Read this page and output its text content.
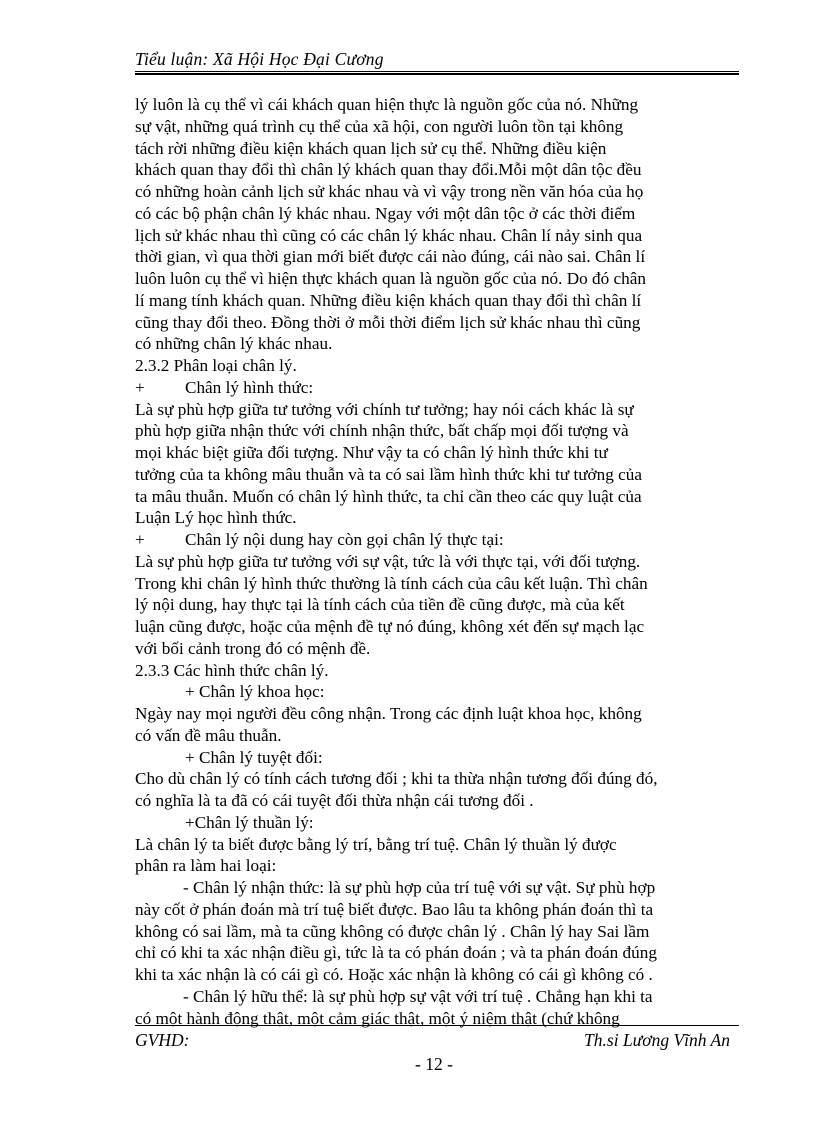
Tiểu luận: Xã Hội Học Đại Cương

lý luôn là cụ thể vì cái khách quan hiện thực là nguồn gốc của nó. Những

sự vật, những quá trình cụ thể của xã hội, con người luôn tồn tại không

tách rời những điều kiện khách quan lịch sử cụ thể. Những điều kiện

khách quan thay đổi thì chân lý khách quan thay đổi.Mỗi một dân tộc đều

có những hoàn cảnh lịch sử khác nhau và vì vậy trong nền văn hóa của họ

có các bộ phận chân lý khác nhau. Ngay với một dân tộc ở các thời điểm

lịch sử khác nhau thì cũng có các chân lý khác nhau. Chân lí nảy sinh qua

thời gian, vì qua thời gian mới biết được cái nào đúng, cái nào sai. Chân lí

luôn luôn cụ thể vì hiện thực khách quan là nguồn gốc của nó. Do đó chân

lí mang tính khách quan. Những điều kiện khách quan thay đổi thì chân lí

cũng thay đổi theo. Đồng thời ở mỗi thời điểm lịch sử khác nhau thì cũng

có những chân lý khác nhau.

2.3.2 Phân loại chân lý.

+ Chân lý hình thức:

Là sự phù hợp giữa tư tưởng với chính tư tưởng; hay nói cách khác là sự

phù hợp giữa nhận thức với chính nhận thức, bất chấp mọi đối tượng và

mọi khác biệt giữa đối tượng. Như vậy ta có chân lý hình thức khi tư

tưởng của ta không mâu thuẫn và ta có sai lầm hình thức khi tư tưởng của

ta mâu thuẫn. Muốn có chân lý hình thức, ta chỉ cần theo các quy luật của

Luận Lý học hình thức.

+ Chân lý nội dung hay còn gọi chân lý thực tại:

Là sự phù hợp giữa tư tưởng với sự vật, tức là với thực tại, với đối tượng.

Trong khi chân lý hình thức thường là tính cách của câu kết luận. Thì chân

lý nội dung, hay thực tại là tính cách của tiền đề cũng được, mà của kết

luận cũng được, hoặc của mệnh đề tự nó đúng, không xét đến sự mạch lạc

với bối cảnh trong đó có mệnh đề.

2.3.3 Các hình thức chân lý.

+ Chân lý khoa học:

Ngày nay mọi người đều công nhận. Trong các định luật khoa học, không

có vấn đề mâu thuẫn.

+ Chân lý tuyệt đối:

Cho dù chân lý có tính cách tương đối ; khi ta thừa nhận tương đối đúng đó,

có nghĩa là ta đã có cái tuyệt đối thừa nhận cái tương đối .

+Chân lý thuần lý:

Là chân lý ta biết được bằng lý trí, bằng trí tuệ. Chân lý thuần lý được

phân ra làm hai loại:

- Chân lý nhận thức: là sự phù hợp của trí tuệ với sự vật. Sự phù hợp

này cốt ở phán đoán mà trí tuệ biết được. Bao lâu ta không phán đoán thì ta

không có sai lầm, mà ta cũng không có được chân lý . Chân lý hay Sai lầm

chỉ có khi ta xác nhận điều gì, tức là ta có phán đoán ; và ta phán đoán đúng

khi ta xác nhận là có cái gì có. Hoặc xác nhận là không có cái gì không có .

- Chân lý hữu thể: là sự phù hợp sự vật với trí tuệ . Chẳng hạn khi ta

có một hành động thật, một cảm giác thật, một ý niệm thật (chứ không

GVHD:	Th.si Lương Vĩnh An
- 12 -
